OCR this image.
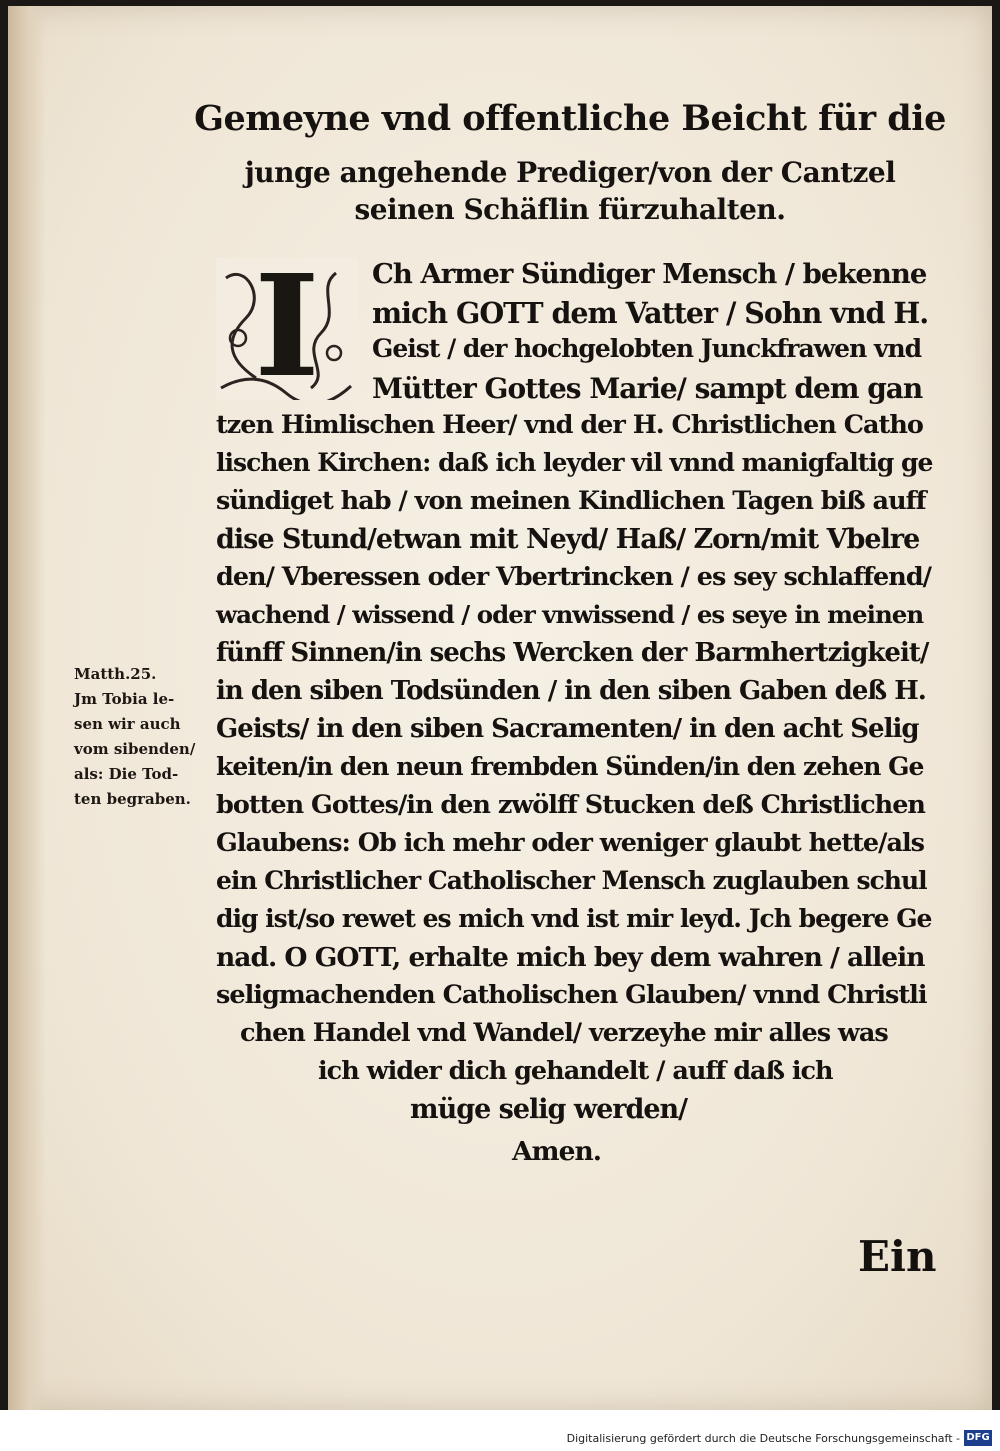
Gemeyne vnd offentliche Beicht für die
junge angehende Prediger/von der Cantzel
seinen Schäflin fürzuhalten.
I	Ch Armer Sündiger Mensch / bekenne
mich GOTT dem Vatter / Sohn vnd H.
Geist / der hochgelobten Junckfrawen vnd
Mütter Gottes Marie/ sampt dem gan
tzen Himlischen Heer/ vnd der H. Christlichen Catho
lischen Kirchen: daß ich leyder vil vnnd manigfaltig ge
sündiget hab / von meinen Kindlichen Tagen biß auff
dise Stund/etwan mit Neyd/ Haß/ Zorn/mit Vbelre
den/ Vberessen oder Vbertrincken / es sey schlaffend/
wachend / wissend / oder vnwissend / es seye in meinen
fünff Sinnen/in sechs Wercken der Barmhertzigkeit/
in den siben Todsünden / in den siben Gaben deß H.
Geists/ in den siben Sacramenten/ in den acht Selig
keiten/in den neun frembden Sünden/in den zehen Ge
botten Gottes/in den zwölff Stucken deß Christlichen
Glaubens: Ob ich mehr oder weniger glaubt hette/als
ein Christlicher Catholischer Mensch zuglauben schul
dig ist/so rewet es mich vnd ist mir leyd. Jch begere Ge
nad. O GOTT, erhalte mich bey dem wahren / allein
seligmachenden Catholischen Glauben/ vnnd Christli
chen Handel vnd Wandel/ verzeyhe mir alles was
ich wider dich gehandelt / auff daß ich
müge selig werden/
Amen.
Matth.25.
Jm Tobia le-
sen wir auch
vom sibenden/
als: Die Tod-
ten begraben.
Ein
Digitalisierung gefördert durch die Deutsche Forschungsgemeinschaft - DFG
